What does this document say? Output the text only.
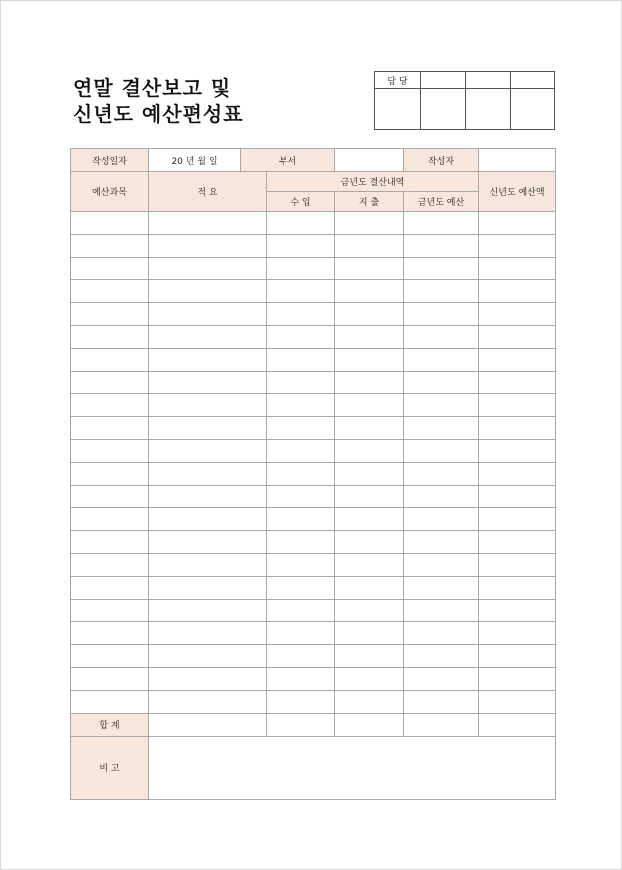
연말 결산보고 및
신년도 예산편성표
담 당			

작성일자	20 년 월 일	부서			작성자	
예산과목	적 요		금년도 결산내역			신년도 예산액
			수 입	지 출	금년도 예산	

합 계						
비 고						
